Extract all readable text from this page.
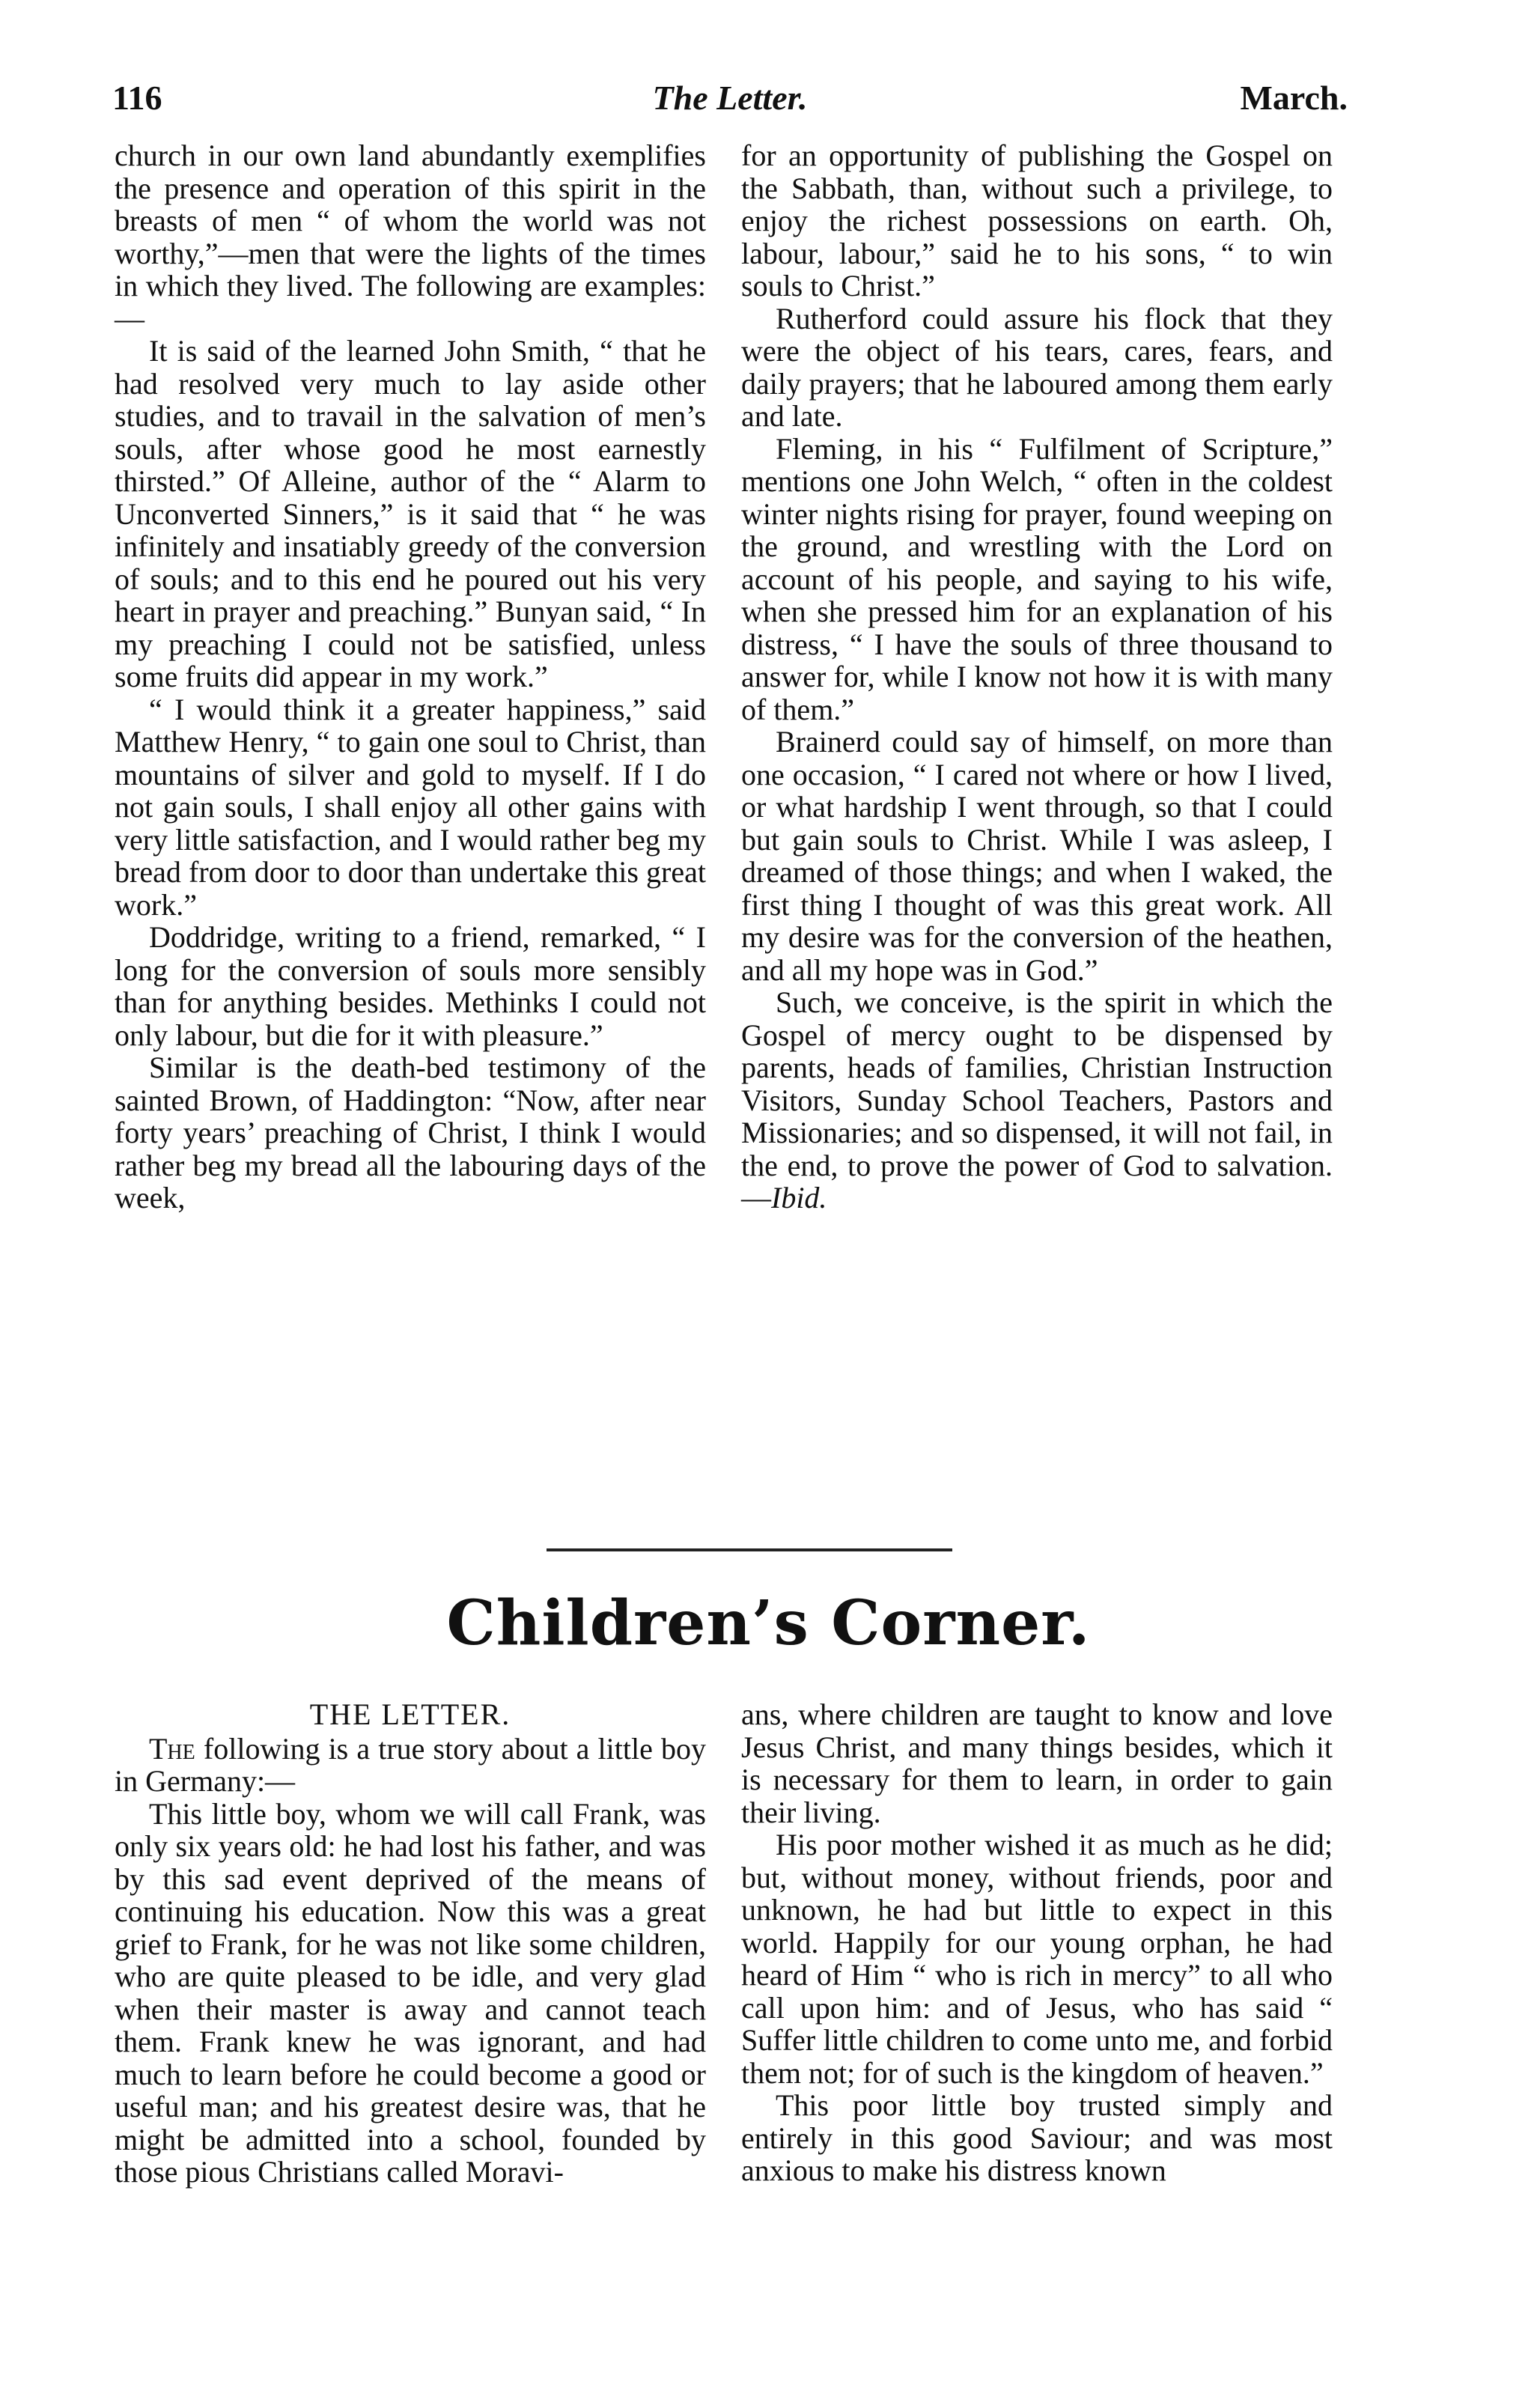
116	The Letter.	March.

church in our own land abundantly exemplifies the presence and operation of this spirit in the breasts of men “ of whom the world was not worthy,”—men that were the lights of the times in which they lived. The following are examples:—

It is said of the learned John Smith, “ that he had resolved very much to lay aside other studies, and to travail in the salvation of men’s souls, after whose good he most earnestly thirsted.” Of Alleine, author of the “ Alarm to Unconverted Sinners,” is it said that “ he was infinitely and insatiably greedy of the conversion of souls; and to this end he poured out his very heart in prayer and preaching.” Bunyan said, “ In my preaching I could not be satisfied, unless some fruits did appear in my work.”

“ I would think it a greater happiness,” said Matthew Henry, “ to gain one soul to Christ, than mountains of silver and gold to myself. If I do not gain souls, I shall enjoy all other gains with very little satisfaction, and I would rather beg my bread from door to door than undertake this great work.”

Doddridge, writing to a friend, remarked, “ I long for the conversion of souls more sensibly than for anything besides. Methinks I could not only labour, but die for it with pleasure.”

Similar is the death-bed testimony of the sainted Brown, of Haddington: “Now, after near forty years’ preaching of Christ, I think I would rather beg my bread all the labouring days of the week,

for an opportunity of publishing the Gospel on the Sabbath, than, without such a privilege, to enjoy the richest possessions on earth. Oh, labour, labour,” said he to his sons, “ to win souls to Christ.”

Rutherford could assure his flock that they were the object of his tears, cares, fears, and daily prayers; that he laboured among them early and late.

Fleming, in his “ Fulfilment of Scripture,” mentions one John Welch, “ often in the coldest winter nights rising for prayer, found weeping on the ground, and wrestling with the Lord on account of his people, and saying to his wife, when she pressed him for an explanation of his distress, “ I have the souls of three thousand to answer for, while I know not how it is with many of them.”

Brainerd could say of himself, on more than one occasion, “ I cared not where or how I lived, or what hardship I went through, so that I could but gain souls to Christ. While I was asleep, I dreamed of those things; and when I waked, the first thing I thought of was this great work. All my desire was for the conversion of the heathen, and all my hope was in God.”

Such, we conceive, is the spirit in which the Gospel of mercy ought to be dispensed by parents, heads of families, Christian Instruction Visitors, Sunday School Teachers, Pastors and Missionaries; and so dispensed, it will not fail, in the end, to prove the power of God to salvation.—Ibid.

Children’s Corner.
THE LETTER.

The following is a true story about a little boy in Germany:—

This little boy, whom we will call Frank, was only six years old: he had lost his father, and was by this sad event deprived of the means of continuing his education. Now this was a great grief to Frank, for he was not like some children, who are quite pleased to be idle, and very glad when their master is away and cannot teach them. Frank knew he was ignorant, and had much to learn before he could become a good or useful man; and his greatest desire was, that he might be admitted into a school, founded by those pious Christians called Moravi-

ans, where children are taught to know and love Jesus Christ, and many things besides, which it is necessary for them to learn, in order to gain their living.

His poor mother wished it as much as he did; but, without money, without friends, poor and unknown, he had but little to expect in this world. Happily for our young orphan, he had heard of Him “ who is rich in mercy” to all who call upon him: and of Jesus, who has said “ Suffer little children to come unto me, and forbid them not; for of such is the kingdom of heaven.”

This poor little boy trusted simply and entirely in this good Saviour; and was most anxious to make his distress known
